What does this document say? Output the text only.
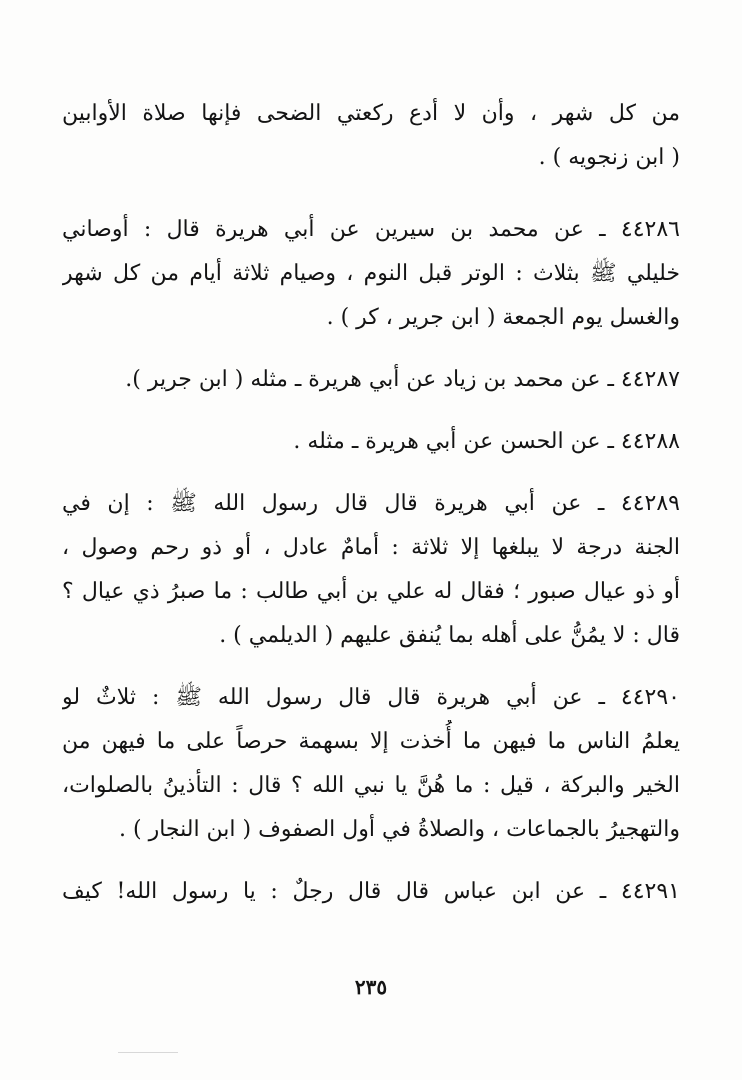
من كل شهر ، وأن لا أدع ركعتي الضحى فإنها صلاة الأوابين
( ابن زنجويه ) .
٤٤٢٨٦ ـ عن محمد بن سيرين عن أبي هريرة قال : أوصاني
خليلي ﷺ بثلاث : الوتر قبل النوم ، وصيام ثلاثة أيام من كل شهر
والغسل يوم الجمعة ( ابن جرير ، كر ) .
٤٤٢٨٧ ـ عن محمد بن زياد عن أبي هريرة ـ مثله ( ابن جرير ).
٤٤٢٨٨ ـ عن الحسن عن أبي هريرة ـ مثله .
٤٤٢٨٩ ـ عن أبي هريرة قال قال رسول الله ﷺ : إن في
الجنة درجة لا يبلغها إلا ثلاثة : أمامٌ عادل ، أو ذو رحم وصول ،
أو ذو عيال صبور ؛ فقال له علي بن أبي طالب : ما صبرُ ذي عيال ؟
قال : لا يمُنُّ على أهله بما يُنفق عليهم ( الديلمي ) .
٤٤٢٩٠ ـ عن أبي هريرة قال قال رسول الله ﷺ : ثلاثٌ لو
يعلمُ الناس ما فيهن ما أُخذت إلا بسهمة حرصاً على ما فيهن من
الخير والبركة ، قيل : ما هُنَّ يا نبي الله ؟ قال : التأذينُ بالصلوات،
والتهجيرُ بالجماعات ، والصلاةُ في أول الصفوف ( ابن النجار ) .
٤٤٢٩١ ـ عن ابن عباس قال قال رجلٌ : يا رسول الله! كيف
٢٣٥
